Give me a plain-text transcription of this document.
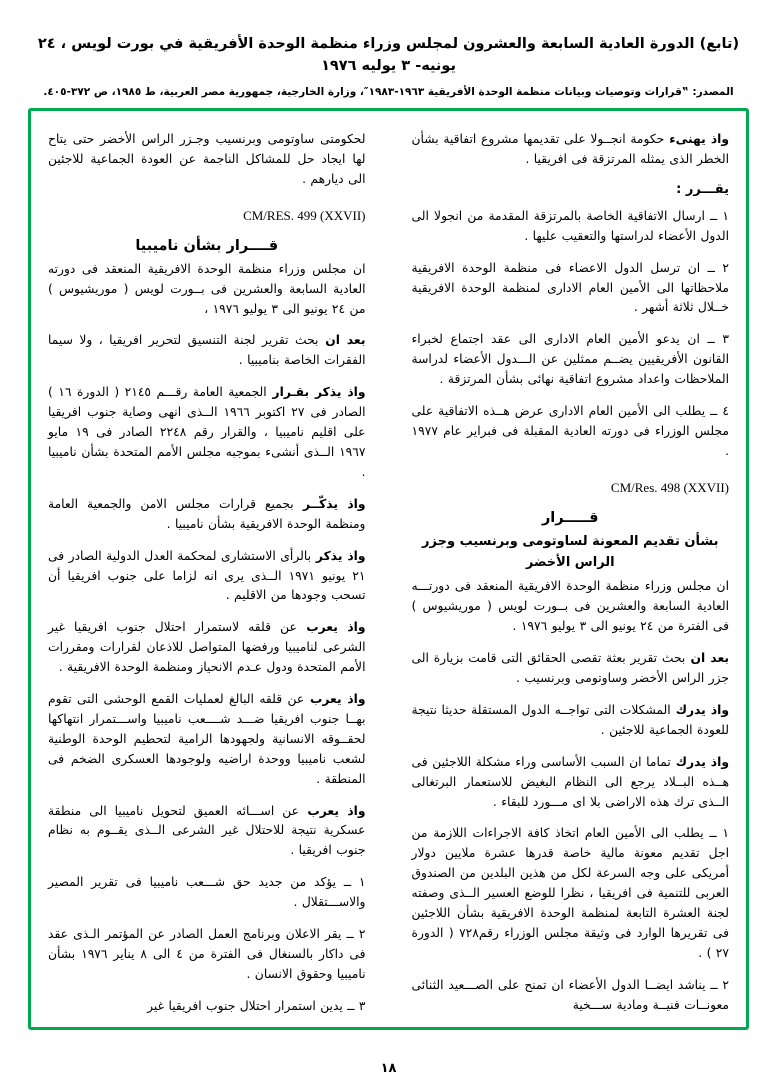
(تابع) الدورة العادية السابعة والعشرون لمجلس وزراء منظمة الوحدة الأفريقية في بورت لويس ، ٢٤ يونيه- ٣ يوليه ١٩٧٦
المصدر: ‟قرارات وتوصيات وبيانات منظمة الوحدة الأفريقية ١٩٦٣-١٩٨٣″، وزارة الخارجية، جمهورية مصر العربية، ط ١٩٨٥، ص ٣٧٢-٤٠٥.

واذ يهنىء حكومة انجــولا على تقديمها مشروع اتفاقية بشأن الخطر الذى يمثله المرتزقة فى افريقيا .

يقـــرر :

١ ــ ارسال الاتفاقية الخاصة بالمرتزقة المقدمة من انجولا الى الدول الأعضاء لدراستها والتعقيب عليها .

٢ ــ ان ترسل الدول الاعضاء فى منظمة الوحدة الافريقية ملاحظاتها الى الأمين العام الادارى لمنظمة الوحدة الافريقية خــلال ثلاثة أشهر .

٣ ــ ان يدعو الأمين العام الادارى الى عقد اجتماع لخبراء القانون الأفريقيين يضــم ممثلين عن الـــدول الأعضاء لدراسة الملاحظات واعداد مشروع اتفاقية نهائى بشأن المرتزقة .

٤ ــ يطلب الى الأمين العام الادارى عرض هــذه الاتفاقية على مجلس الوزراء فى دورته العادية المقبلة فى فبراير عام ١٩٧٧ .

CM/Res. 498 (XXVII)
قـــــرار
بشأن تقديم المعونة لساوتومى وبرنسيب وجزر الراس الأخضر

ان مجلس وزراء منظمة الوحدة الافريقية المنعقد فى دورتـــه العادية السابعة والعشرين فى بــورت لويس ( موريشيوس ) فى الفترة من ٢٤ يونيو الى ٣ يوليو ١٩٧٦ .

بعد ان بحث تقرير بعثة تقصى الحقائق التى قامت بزيارة الى جزر الراس الأخضر وساوتومى وبرنسيب .

واذ يدرك المشكلات التى تواجــه الدول المستقلة حديثا نتيجة للعودة الجماعية للاجئين .

واذ يدرك تماما ان السبب الأساسى وراء مشكلة اللاجئين فى هــذه البــلاد يرجع الى النظام البغيض للاستعمار البرتغالى الــذى ترك هذه الاراضى بلا اى مـــورد للبقاء .

١ ــ يطلب الى الأمين العام اتخاذ كافة الاجراءات اللازمة من اجل تقديم معونة مالية خاصة قدرها عشرة ملايين دولار أمريكى على وجه السرعة لكل من هذين البلدين من الصندوق العربى للتنمية فى افريقيا ، نظرا للوضع العسير الــذى وصفته لجنة العشرة التابعة لمنظمة الوحدة الافريقية بشأن اللاجئين فى تقريرها الوارد فى وثيقة مجلس الوزراء رقم٧٢٨ ( الدورة ٢٧ ) .

٢ ــ يناشد ايضــا الدول الأعضاء ان تمنح على الصـــعيد الثنائى معونــات فنيــة ومادية ســـخية

لحكومتى ساوتومى وبرنسيب وجـزر الراس الأخضر حتى يتاح لها ايجاد حل للمشاكل الناجمة عن العودة الجماعية للاجئين الى ديارهم .

CM/RES. 499 (XXVII)
قــــرار بشأن ناميبيا

ان مجلس وزراء منظمة الوحدة الافريقية المنعقد فى دورته العادية السابعة والعشرين فى بــورت لويس ( موريشيوس ) من ٢٤ يونيو الى ٣ يوليو ١٩٧٦ ،

بعد ان بحث تقرير لجنة التنسيق لتحرير افريقيا ، ولا سيما الفقرات الخاصة بناميبيا .

واذ يذكر بقـرار الجمعية العامة رقـــم ٢١٤٥ ( الدورة ١٦ ) الصادر فى ٢٧ اكتوبر ١٩٦٦ الــذى انهى وصاية جنوب افريقيا على اقليم ناميبيا ، والقرار رقم ٢٢٤٨ الصادر فى ١٩ مايو ١٩٦٧ الــذى أنشىء بموجبه مجلس الأمم المتحدة بشأن ناميبيا .

واذ يذكّــر بجميع قرارات مجلس الامن والجمعية العامة ومنظمة الوحدة الافريقية بشأن ناميبيا .

واذ يذكر بالرأى الاستشارى لمحكمة العدل الدولية الصادر فى ٢١ يونيو ١٩٧١ الــذى يرى انه لزاما على جنوب افريقيا أن تسحب وجودها من الاقليم .

واذ يعرب عن قلقه لاستمرار احتلال جنوب افريقيا غير الشرعى لناميبيا ورفضها المتواصل للاذعان لقرارات ومقررات الأمم المتحدة ودول عـدم الانحياز ومنظمة الوحدة الافريقية .

واذ يعرب عن قلقه البالغ لعمليات القمع الوحشى التى تقوم بهــا جنوب افريقيا ضـــد شــــعب ناميبيا واســـتمرار انتهاكها لحقــوقه الانسانية ولجهودها الرامية لتحطيم الوحدة الوطنية لشعب ناميبيا ووحدة اراضيه ولوجودها العسكرى الضخم فى المنطقة .

واذ يعرب عن اســـائه العميق لتحويل ناميبيا الى منطقة عسكرية نتيجة للاحتلال غير الشرعى الــذى يقــوم به نظام جنوب افريقيا .

١ ــ يؤكد من جديد حق شـــعب ناميبيا فى تقرير المصير والاســـتقلال .

٢ ــ يقر الاعلان وبرنامج العمل الصادر عن المؤتمر الـذى عقد فى داكار بالسنغال فى الفترة من ٤ الى ٨ يناير ١٩٧٦ بشأن ناميبيا وحقوق الانسان .

٣ ــ يدين استمرار احتلال جنوب افريقيا غير

١٨
